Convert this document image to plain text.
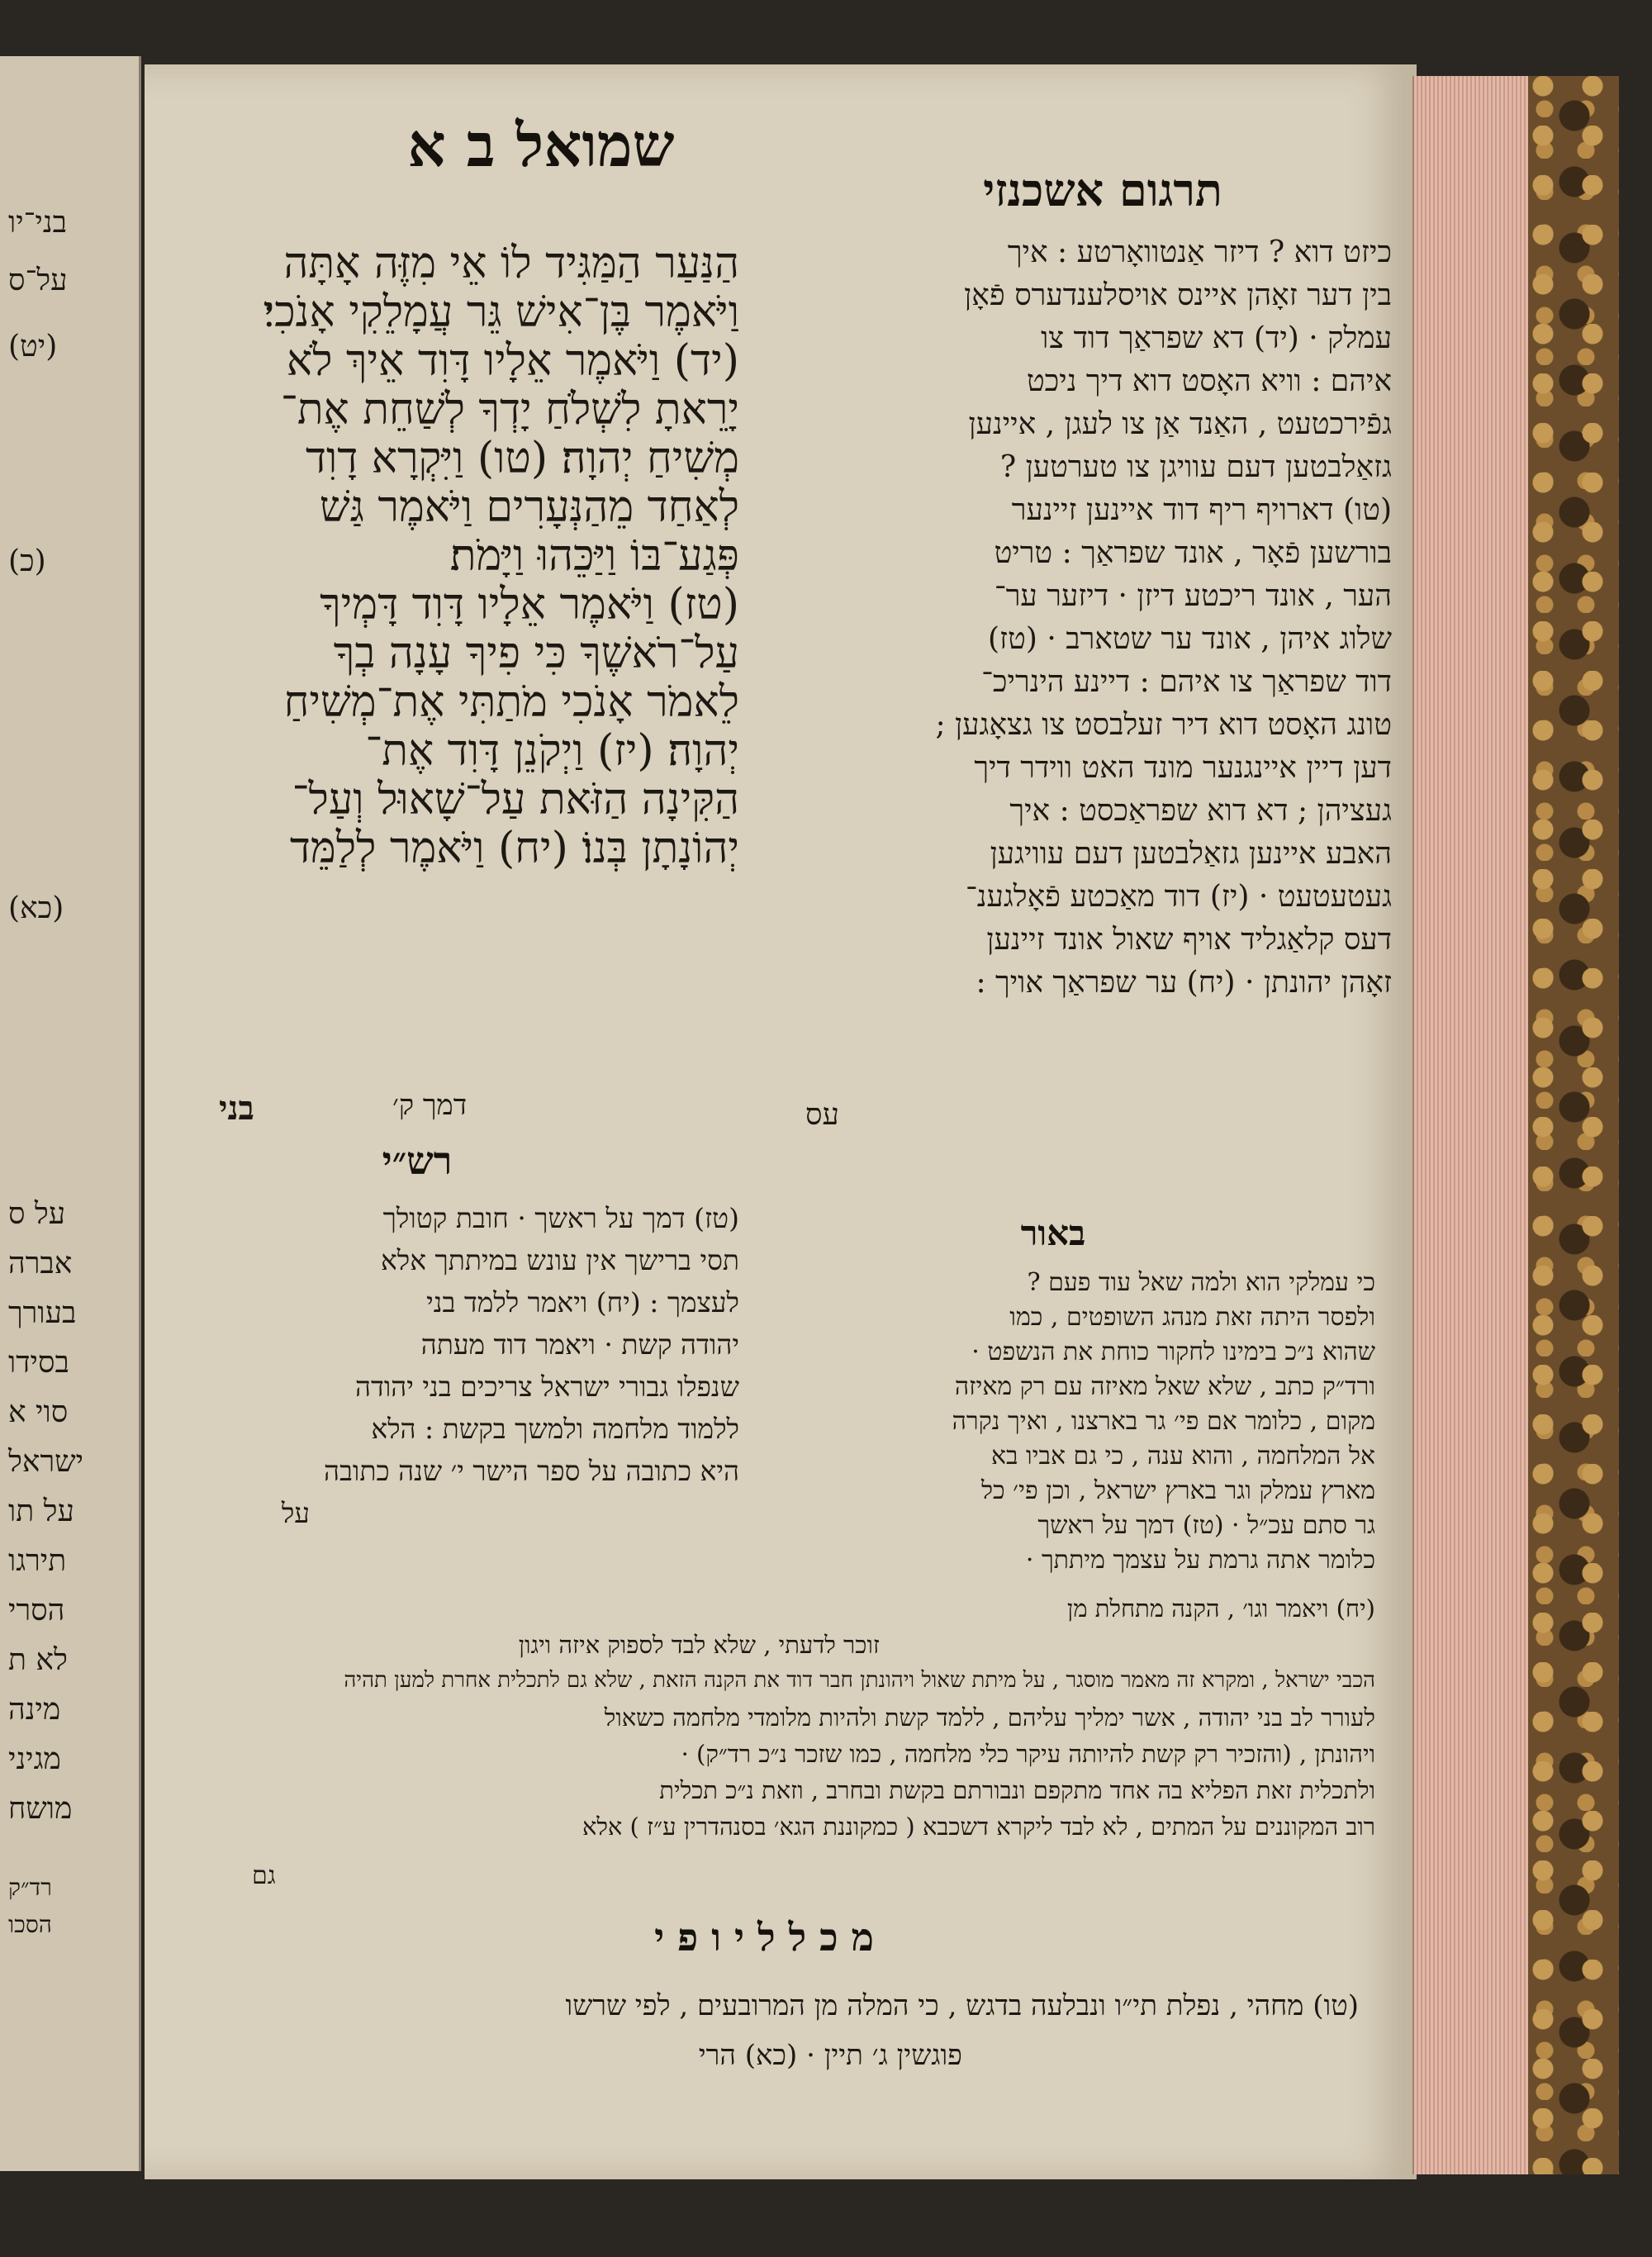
בני־יו
על־ס
(יט)
(כ)
(כא)
על ס
אברה
בעורך
בסידו
סוי א
ישראל
על תו
תירגו
הסרי
לא ת
מינה
מגיני
מושח
רד״ק
הסכו
שמואל ב א
תרגום אשכנזי
הַנַּעַר הַמַּגִּיד לוֹ אֵי מִזֶּה אָתָּה
וַיֹּאמֶר בֶּן־אִישׁ גֵּר עֲמָלֵקִי אָנֹכִי׃
(יד) וַיֹּאמֶר אֵלָיו דָּוִד אֵיךְ לֹא
יָרֵאתָ לִשְׁלֹחַ יָדְךָ לְשַׁחֵת אֶת־
מְשִׁיחַ יְהוָה׃ (טו) וַיִּקְרָא דָוִד
לְאַחַד מֵהַנְּעָרִים וַיֹּאמֶר גַּשׁ
פְּגַע־בּוֹ וַיַּכֵּהוּ וַיָּמֹת׃
(טז) וַיֹּאמֶר אֵלָיו דָּוִד דָּמְיךָ
עַל־רֹאשֶׁךָ כִּי פִיךָ עָנָה בְךָ
לֵאמֹר אָנֹכִי מֹתַתִּי אֶת־מְשִׁיחַ
יְהוָה׃ (יז) וַיְקֹנֵן דָּוִד אֶת־
הַקִּינָה הַזֹּאת עַל־שָׁאוּל וְעַל־
יְהוֹנָתָן בְּנוֹ׃ (יח) וַיֹּאמֶר לְלַמֵּד
דמך ק׳
בני
כיזט דוא ? דיזר אַנטוואָרטע : איך
בין דער זאָהן איינס אויסלענדערס פֿאָן
עמלק · (יד) דא שפראַך דוד צו
איהם : וויא האָסט דוא דיך ניכט
גפֿירכטעט , האַנד אַן צו לעגן , איינען
גזאַלבטען דעם עוויגן צו טערטען ?
(טו) דארויף ריף דוד איינען זיינער
בורשען פֿאָר , אונד שפראַך : טריט
הער , אונד ריכטע דיזן · דיזער ער־
שלוג איהן , אונד ער שטארב · (טז)
דוד שפראַך צו איהם : דיינע הינריכ־
טונג האָסט דוא דיר זעלבסט צו גצאָגען ;
דען דיין איינגנער מונד האט ווידר דיך
געציהן ; דא דוא שפראַכסט : איך
האבע איינען גזאַלבטען דעם עוויגען
געטעטעט · (יז) דוד מאַכטע פֿאָלגענ־
דעס קלאַגליד אויף שאול אונד זיינען
זאָהן יהונתן · (יח) ער שפראַך אויך :
עס
רש״י
(טז) דמך על ראשך · חובת קטולך
תסי ברישך אין עונש במיתתך אלא
לעצמך : (יח) ויאמר ללמד בני
יהודה קשת · ויאמר דוד מעתה
שנפלו גבורי ישראל צריכים בני יהודה
ללמוד מלחמה ולמשך בקשת : הלא
היא כתובה על ספר הישר י׳ שנה כתובה
על
באור
כי עמלקי הוא ולמה שאל עוד פעם ?
ולפסר היתה זאת מנהג השופטים , כמו
שהוא נ״כ בימינו לחקור כוחת את הנשפט ·
ורד״ק כתב , שלא שאל מאיזה עם רק מאיזה
מקום , כלומר אם פי׳ גר בארצנו , ואיך נקרה
אל המלחמה , והוא ענה , כי גם אביו בא
מארץ עמלק וגר בארץ ישראל , וכן פי׳ כל
גר סתם עכ״ל · (טז) דמך על ראשך
כלומר אתה גרמת על עצמך מיתתך ·
(יח) ויאמר וגו׳ , הקנה מתחלת מן
זוכר לדעתי , שלא לבד לספוק איזה ויגון
הכבי ישראל , ומקרא זה מאמר מוסגר , על מיתת שאול ויהונתן חבר דוד את הקנה הזאת , שלא גם לתכלית אחרת למען תהיה
לעורר לב בני יהודה , אשר ימליך עליהם , ללמד קשת ולהיות מלומדי מלחמה כשאול
ויהונתן , (והזכיר רק קשת להיותה עיקר כלי מלחמה , כמו שזכר נ״כ רד״ק) ·
ולתכלית זאת הפליא בה אחד מתקפם ונבורתם בקשת ובחרב , וזאת נ״כ תכלית
רוב המקוננים על המתים , לא לבד ליקרא דשכבא ( כמקוננת הגא׳ בסנהדרין ע״ז ) אלא
גם
מ כ ל ל י ו פ י
(טו) מחהי , נפלת תי״ו ונבלעה בדגש , כי המלה מן המרובעים , לפי שרשו
פוגשין ג׳ תיין · (כא) הרי
